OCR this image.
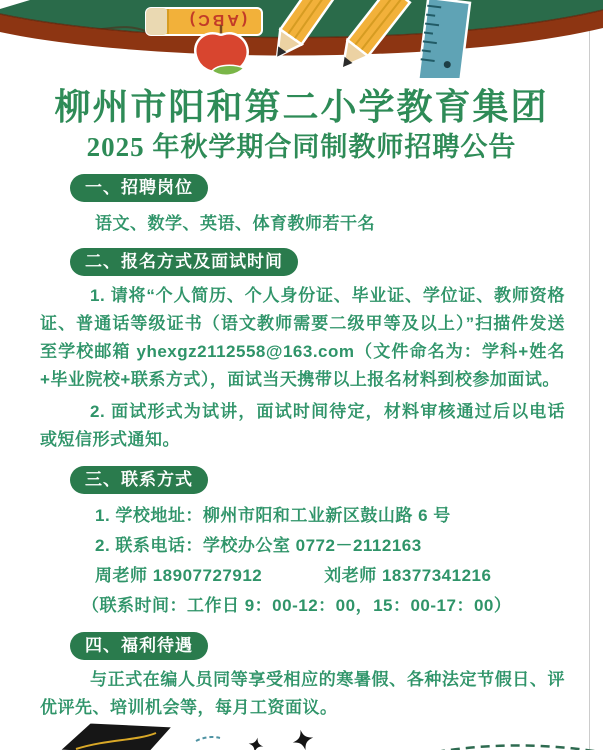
(ABC)
柳州市阳和第二小学教育集团
2025 年秋学期合同制教师招聘公告
一、招聘岗位

语文、数学、英语、体育教师若干名

二、报名方式及面试时间

1. 请将“个人简历、个人身份证、毕业证、学位证、教师资格证、普通话等级证书（语文教师需要二级甲等及以上）”扫描件发送至学校邮箱 yhexgz2112558@163.com（文件命名为：学科+姓名+毕业院校+联系方式），面试当天携带以上报名材料到校参加面试。

2. 面试形式为试讲，面试时间待定，材料审核通过后以电话或短信形式通知。

三、联系方式

1. 学校地址：柳州市阳和工业新区鼓山路 6 号

2. 联系电话：学校办公室 0772－2112163

周老师 18907727912	刘老师 18377341216

（联系时间：工作日 9：00-12：00，15：00-17：00）

四、福利待遇

与正式在编人员同等享受相应的寒暑假、各种法定节假日、评优评先、培训机会等，每月工资面议。
